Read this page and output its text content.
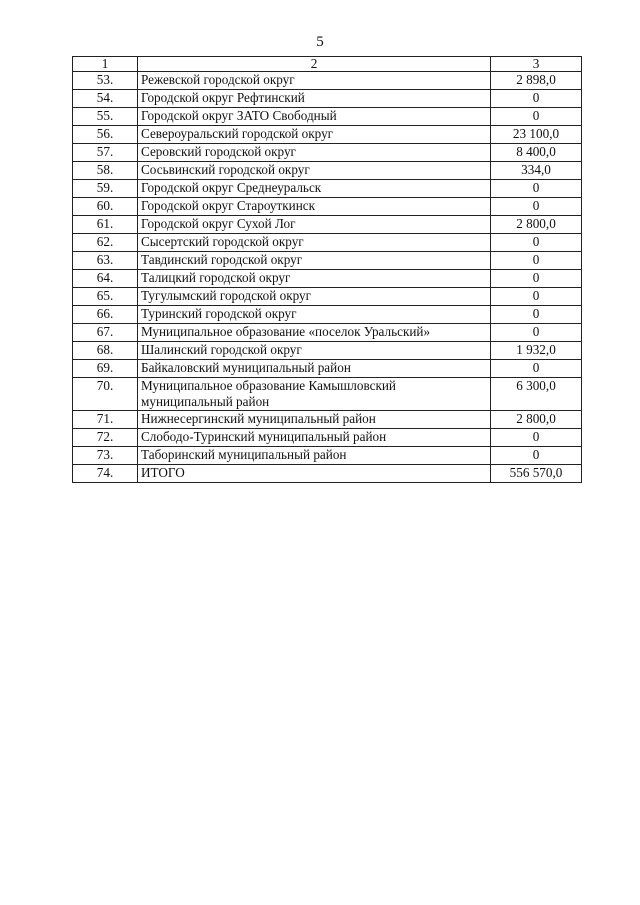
5
1	2	3
53.	Режевской городской округ	2 898,0
54.	Городской округ Рефтинский	0
55.	Городской округ ЗАТО Свободный	0
56.	Североуральский городской округ	23 100,0
57.	Серовский городской округ	8 400,0
58.	Сосьвинский городской округ	334,0
59.	Городской округ Среднеуральск	0
60.	Городской округ Староуткинск	0
61.	Городской округ Сухой Лог	2 800,0
62.	Сысертский городской округ	0
63.	Тавдинский городской округ	0
64.	Талицкий городской округ	0
65.	Тугулымский городской округ	0
66.	Туринский городской округ	0
67.	Муниципальное образование «поселок Уральский»	0
68.	Шалинский городской округ	1 932,0
69.	Байкаловский муниципальный район	0
70.	Муниципальное образование Камышловский муниципальный район	6 300,0
71.	Нижнесергинский муниципальный район	2 800,0
72.	Слободо-Туринский муниципальный район	0
73.	Таборинский муниципальный район	0
74.	ИТОГО	556 570,0
